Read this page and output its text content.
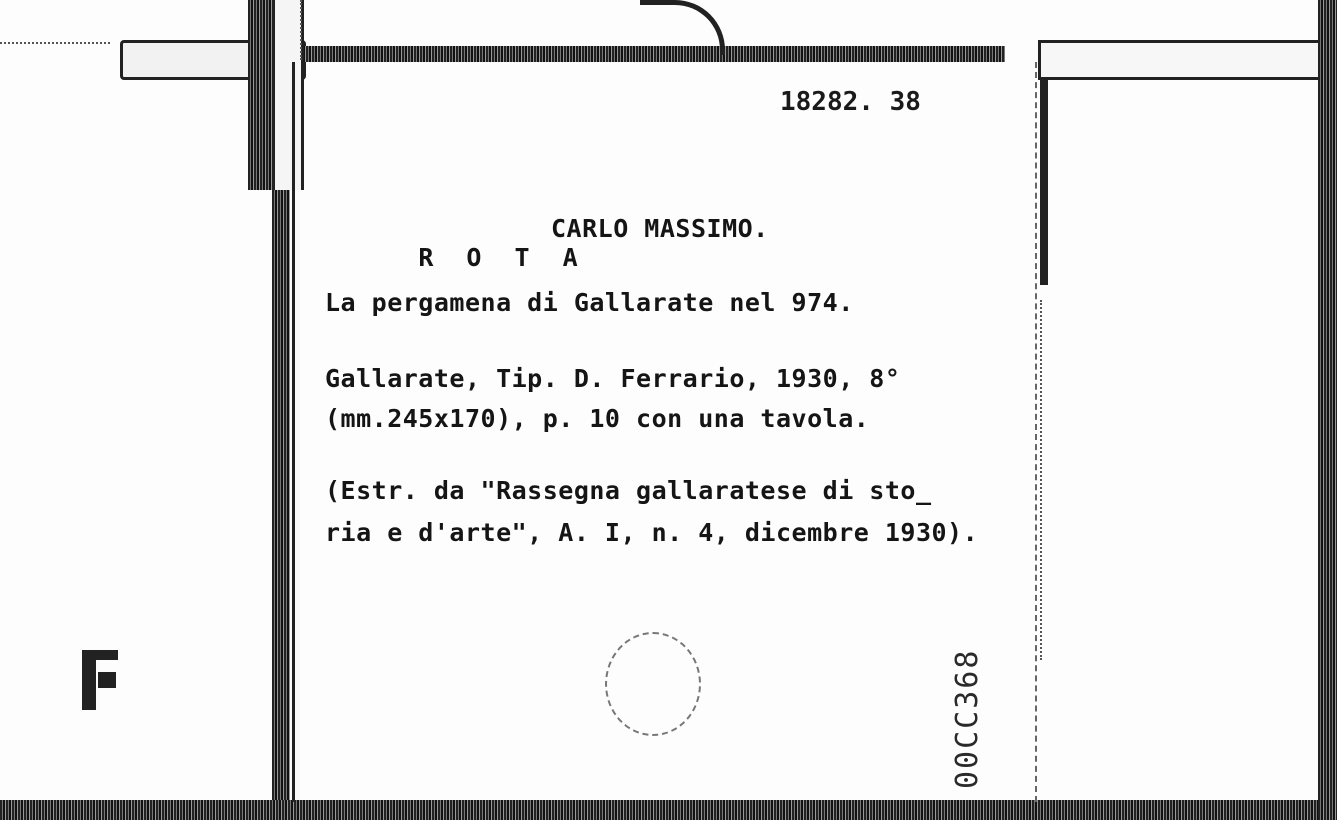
18282. 38

R O T A
CARLO MASSIMO.

La pergamena di Gallarate nel 974.
Gallarate, Tip. D. Ferrario, 1930, 8°
(mm.245x170), p. 10 con una tavola.
(Estr. da "Rassegna gallaratese di sto_
ria e d'arte", A. I, n. 4, dicembre 1930).
00CC368
